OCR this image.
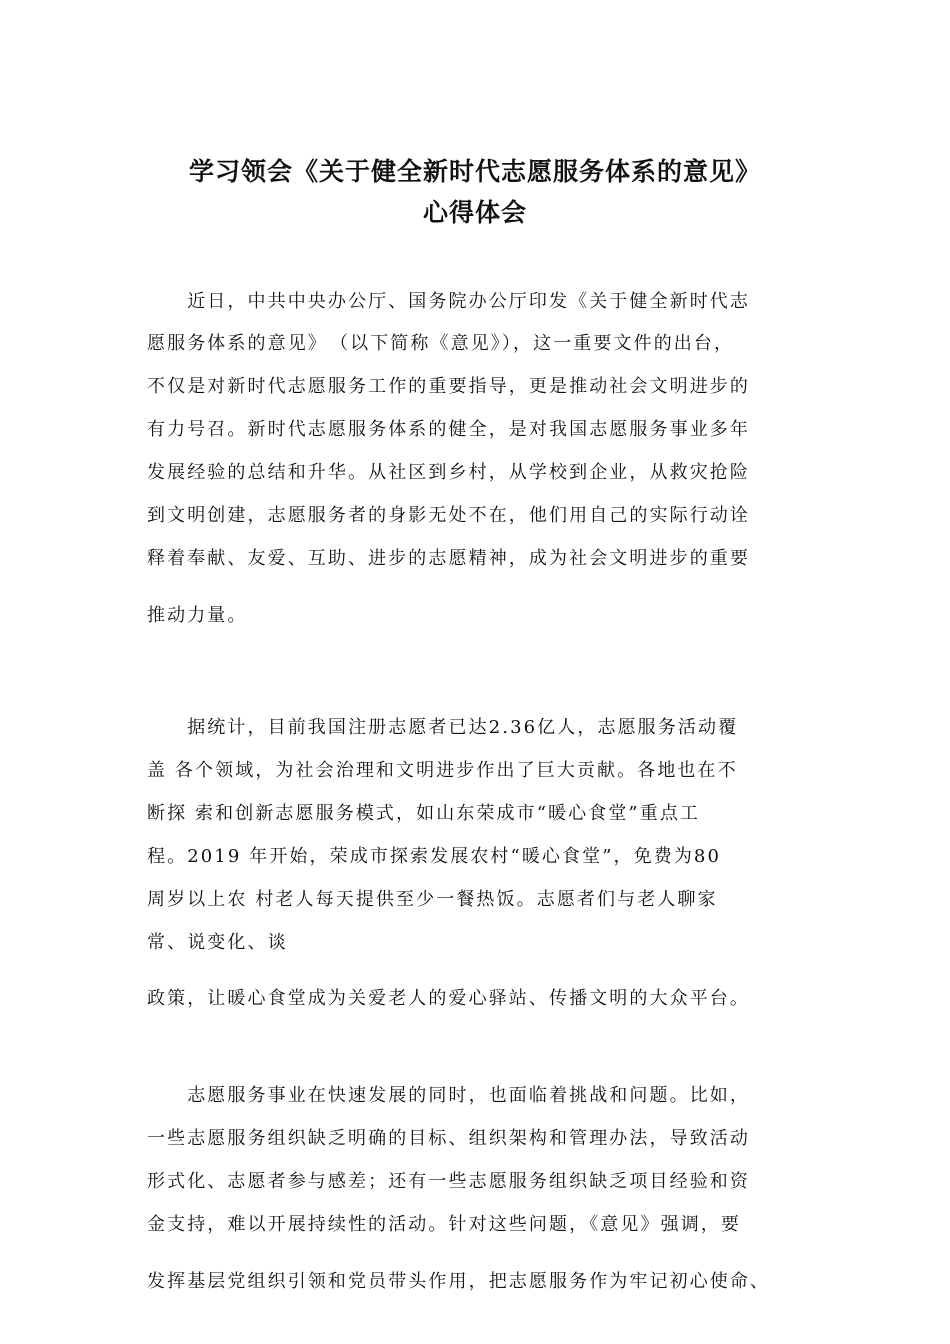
学习领会《关于健全新时代志愿服务体系的意见》
心得体会
　　近日，中共中央办公厅、国务院办公厅印发《关于健全新时代志
愿服务体系的意见》　（以下简称《意见》），这一重要文件的出台，
不仅是对新时代志愿服务工作的重要指导，更是推动社会文明进步的
有力号召。新时代志愿服务体系的健全，是对我国志愿服务事业多年
发展经验的总结和升华。从社区到乡村，从学校到企业，从救灾抢险
到文明创建，志愿服务者的身影无处不在，他们用自己的实际行动诠
释着奉献、友爱、互助、进步的志愿精神，成为社会文明进步的重要
推动力量。
　　据统计，目前我国注册志愿者已达2.36亿人，志愿服务活动覆
盖 各个领域，为社会治理和文明进步作出了巨大贡献。各地也在不
断探 索和创新志愿服务模式，如山东荣成市“暖心食堂”重点工
程。2019 年开始，荣成市探索发展农村“暖心食堂”，免费为80
周岁以上农 村老人每天提供至少一餐热饭。志愿者们与老人聊家
常、说变化、谈
政策，让暖心食堂成为关爱老人的爱心驿站、传播文明的大众平台。
　　志愿服务事业在快速发展的同时，也面临着挑战和问题。比如，
一些志愿服务组织缺乏明确的目标、组织架构和管理办法，导致活动
形式化、志愿者参与感差；还有一些志愿服务组织缺乏项目经验和资
金支持，难以开展持续性的活动。针对这些问题，《意见》强调，要
发挥基层党组织引领和党员带头作用，把志愿服务作为牢记初心使命、
